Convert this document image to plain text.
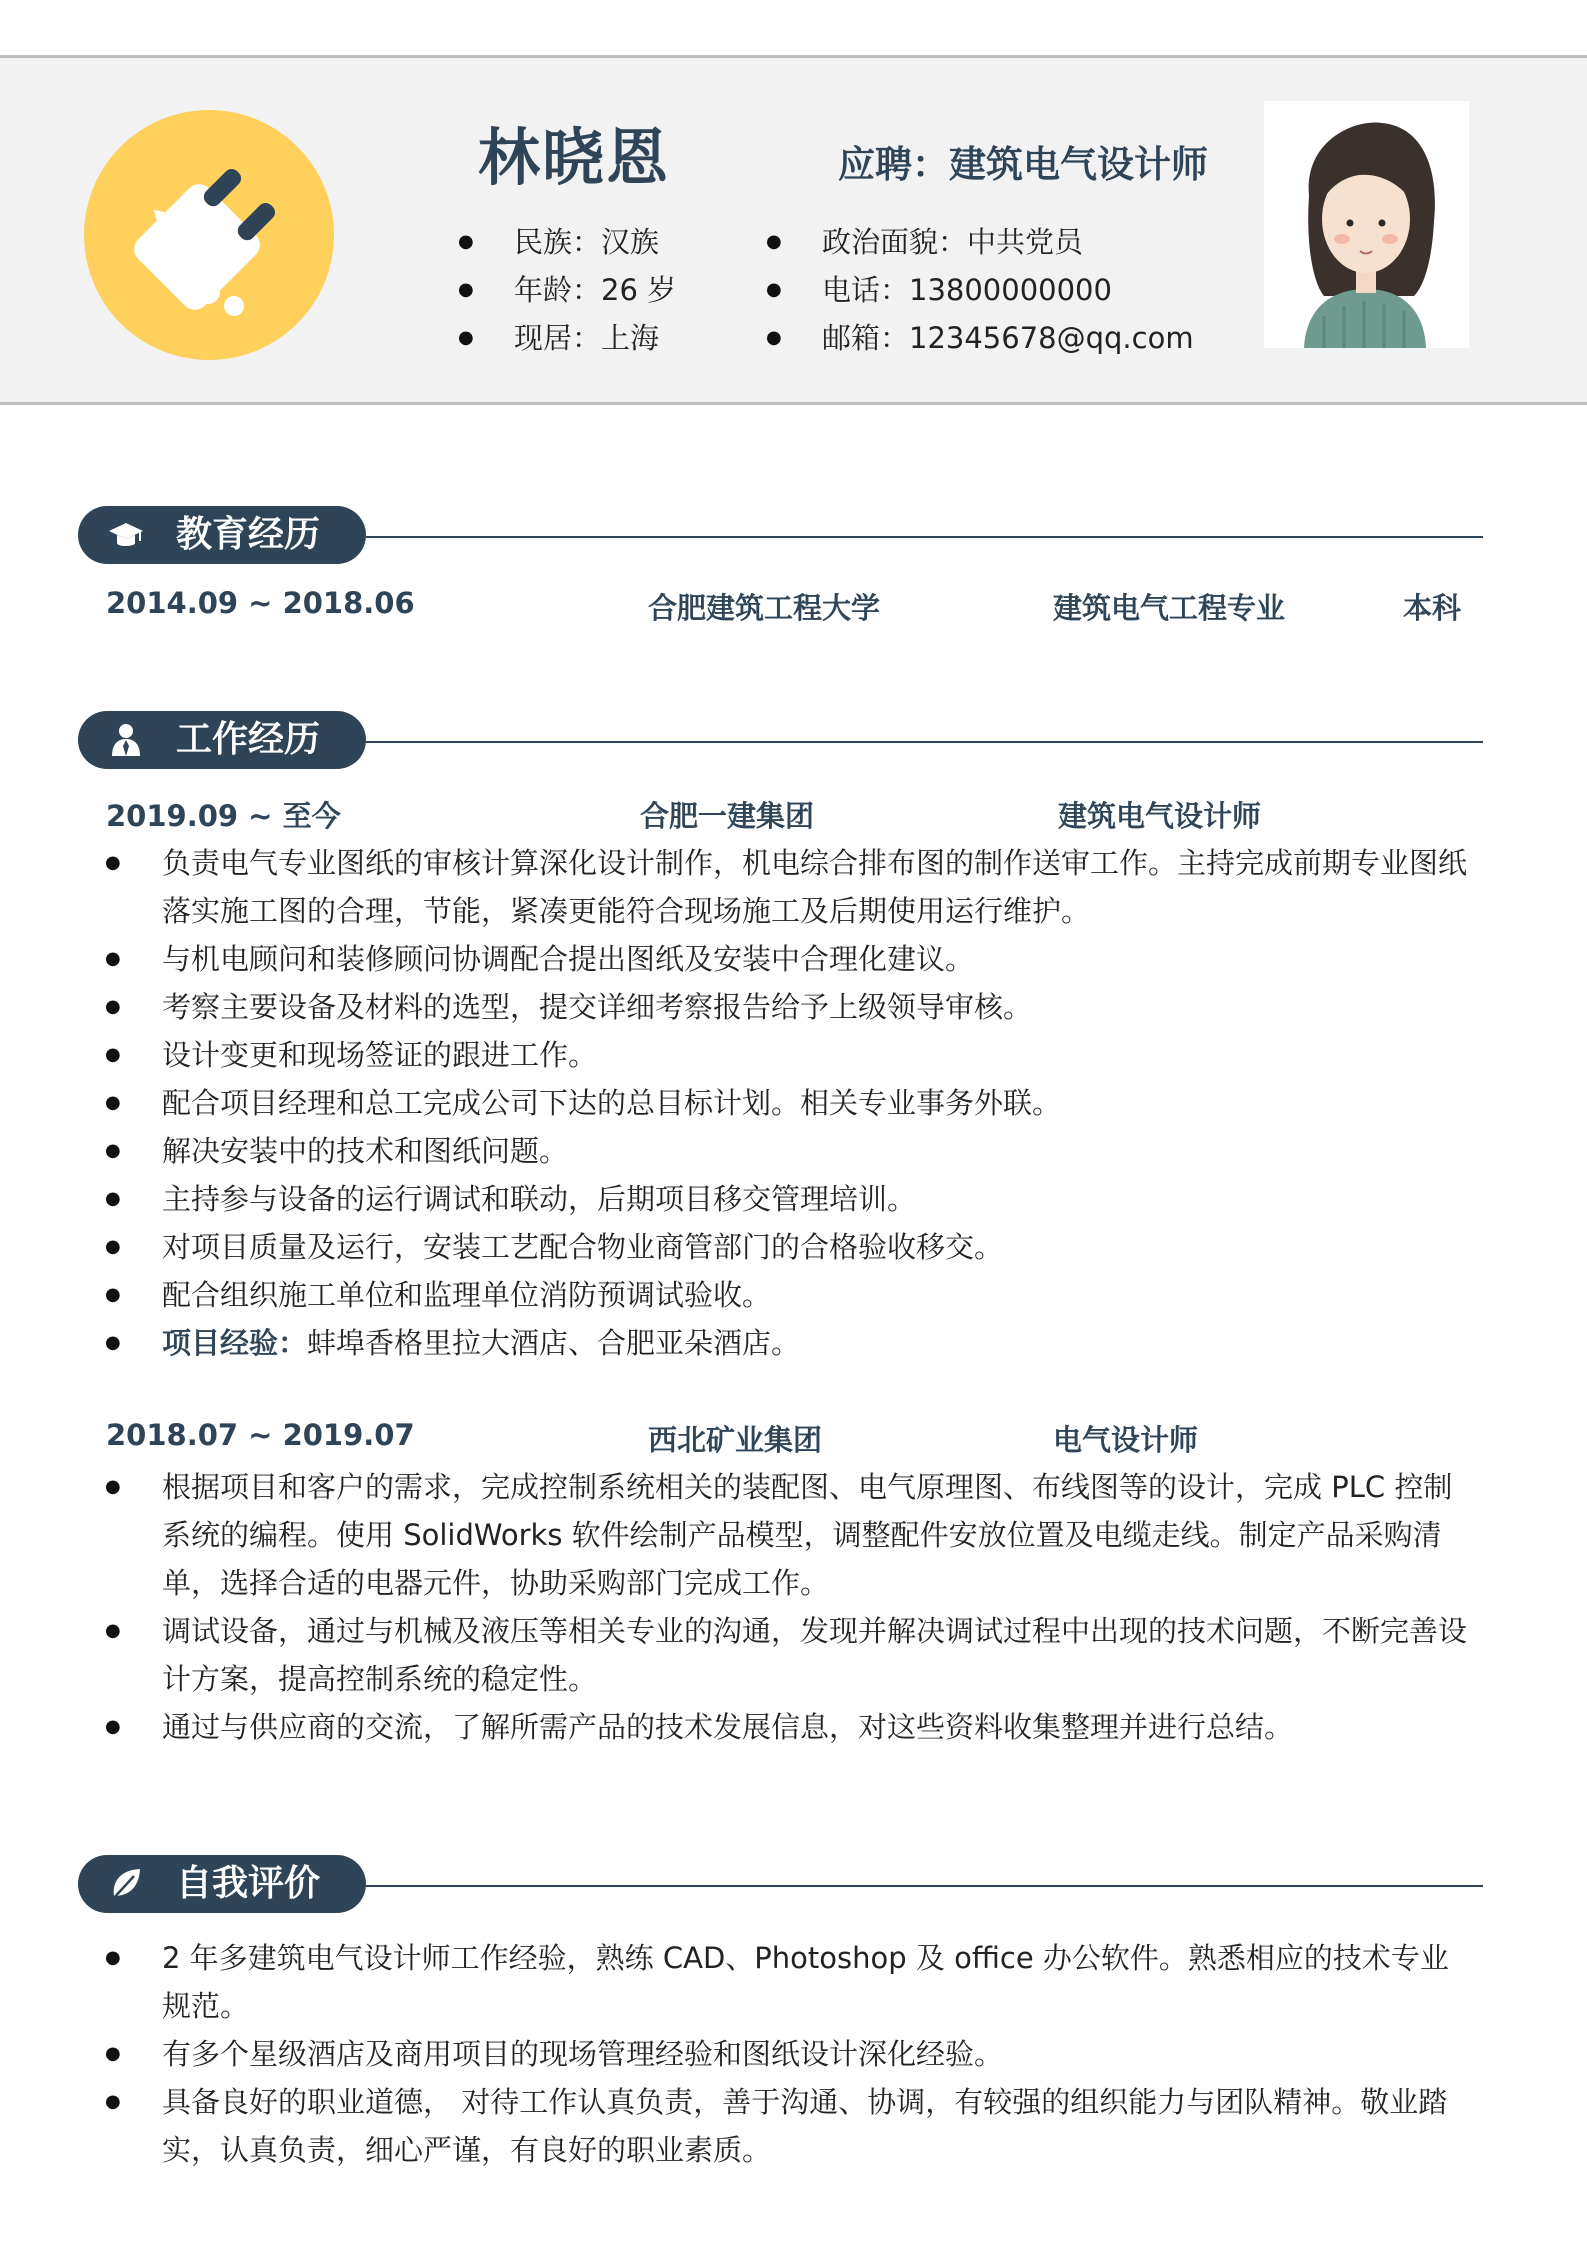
林晓恩	应聘：建筑电气设计师
● 民族：汉族
● 年龄：26 岁
● 现居：上海
● 政治面貌：中共党员
● 电话：13800000000
● 邮箱：12345678@qq.com
教育经历
2014.09 ~ 2018.06	合肥建筑工程大学	建筑电气工程专业	本科
工作经历
2019.09 ~ 至今	合肥一建集团	建筑电气设计师
● 负责电气专业图纸的审核计算深化设计制作，机电综合排布图的制作送审工作。主持完成前期专业图纸落实施工图的合理，节能，紧凑更能符合现场施工及后期使用运行维护。
● 与机电顾问和装修顾问协调配合提出图纸及安装中合理化建议。
● 考察主要设备及材料的选型，提交详细考察报告给予上级领导审核。
● 设计变更和现场签证的跟进工作。
● 配合项目经理和总工完成公司下达的总目标计划。相关专业事务外联。
● 解决安装中的技术和图纸问题。
● 主持参与设备的运行调试和联动，后期项目移交管理培训。
● 对项目质量及运行，安装工艺配合物业商管部门的合格验收移交。
● 配合组织施工单位和监理单位消防预调试验收。
● 项目经验：蚌埠香格里拉大酒店、合肥亚朵酒店。
2018.07 ~ 2019.07	西北矿业集团	电气设计师
● 根据项目和客户的需求，完成控制系统相关的装配图、电气原理图、布线图等的设计，完成 PLC 控制系统的编程。使用 SolidWorks 软件绘制产品模型，调整配件安放位置及电缆走线。制定产品采购清单，选择合适的电器元件，协助采购部门完成工作。
● 调试设备，通过与机械及液压等相关专业的沟通，发现并解决调试过程中出现的技术问题，不断完善设计方案，提高控制系统的稳定性。
● 通过与供应商的交流，了解所需产品的技术发展信息，对这些资料收集整理并进行总结。
自我评价
● 2 年多建筑电气设计师工作经验，熟练 CAD、Photoshop 及 office 办公软件。熟悉相应的技术专业规范。
● 有多个星级酒店及商用项目的现场管理经验和图纸设计深化经验。
● 具备良好的职业道德， 对待工作认真负责，善于沟通、协调，有较强的组织能力与团队精神。敬业踏实，认真负责，细心严谨，有良好的职业素质。
